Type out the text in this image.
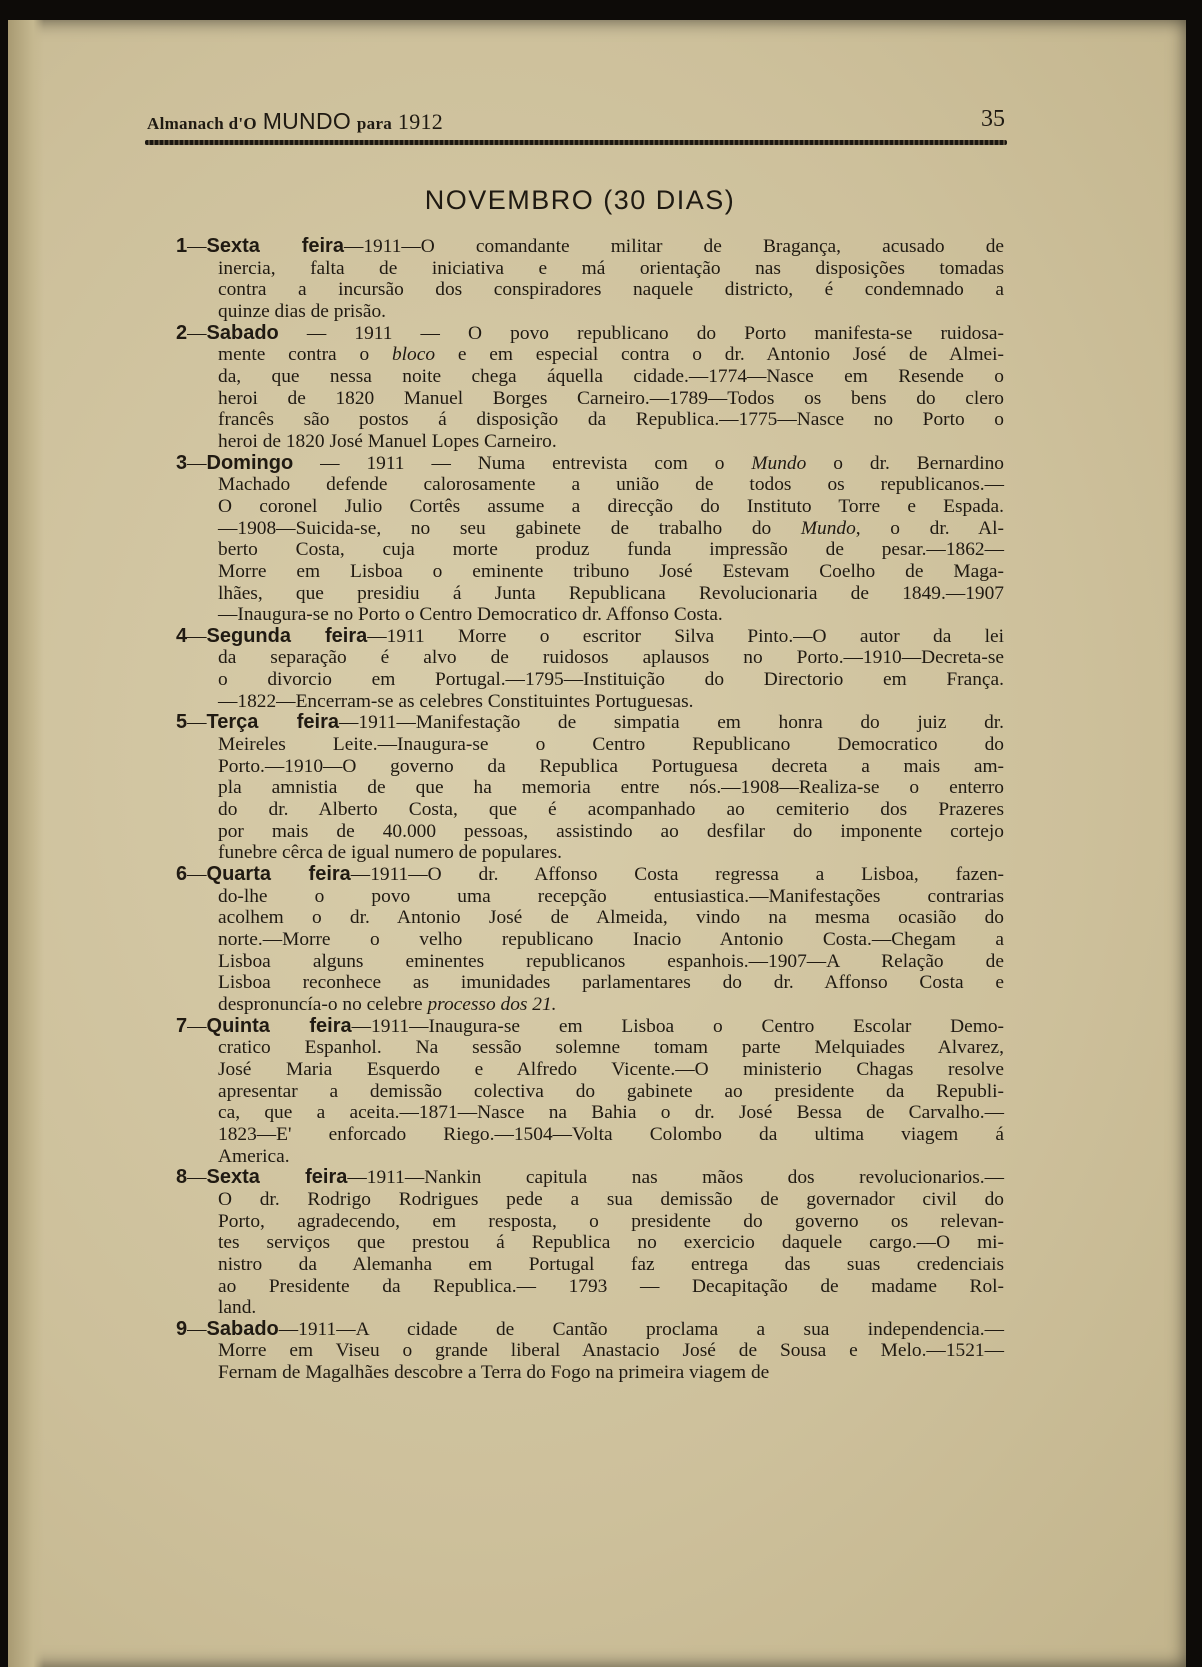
Almanach d'O MUNDO para 1912	35
NOVEMBRO (30 DIAS)
1—Sexta feira—1911—O comandante militar de Bragança, acusado de
inercia, falta de iniciativa e má orientação nas disposições tomadas
contra a incursão dos conspiradores naquele districto, é condemnado a
quinze dias de prisão.
2—Sabado — 1911 — O povo republicano do Porto manifesta-se ruidosa-
mente contra o bloco e em especial contra o dr. Antonio José de Almei-
da, que nessa noite chega áquella cidade.—1774—Nasce em Resende o
heroi de 1820 Manuel Borges Carneiro.—1789—Todos os bens do clero
francês são postos á disposição da Republica.—1775—Nasce no Porto o
heroi de 1820 José Manuel Lopes Carneiro.
3—Domingo — 1911 — Numa entrevista com o Mundo o dr. Bernardino
Machado defende calorosamente a união de todos os republicanos.—
O coronel Julio Cortês assume a direcção do Instituto Torre e Espada.
—1908—Suicida-se, no seu gabinete de trabalho do Mundo, o dr. Al-
berto Costa, cuja morte produz funda impressão de pesar.—1862—
Morre em Lisboa o eminente tribuno José Estevam Coelho de Maga-
lhães, que presidiu á Junta Republicana Revolucionaria de 1849.—1907
—Inaugura-se no Porto o Centro Democratico dr. Affonso Costa.
4—Segunda feira—1911 Morre o escritor Silva Pinto.—O autor da lei
da separação é alvo de ruidosos aplausos no Porto.—1910—Decreta-se
o divorcio em Portugal.—1795—Instituição do Directorio em França.
—1822—Encerram-se as celebres Constituintes Portuguesas.
5—Terça feira—1911—Manifestação de simpatia em honra do juiz dr.
Meireles Leite.—Inaugura-se o Centro Republicano Democratico do
Porto.—1910—O governo da Republica Portuguesa decreta a mais am-
pla amnistia de que ha memoria entre nós.—1908—Realiza-se o enterro
do dr. Alberto Costa, que é acompanhado ao cemiterio dos Prazeres
por mais de 40.000 pessoas, assistindo ao desfilar do imponente cortejo
funebre cêrca de igual numero de populares.
6—Quarta feira—1911—O dr. Affonso Costa regressa a Lisboa, fazen-
do-lhe o povo uma recepção entusiastica.—Manifestações contrarias
acolhem o dr. Antonio José de Almeida, vindo na mesma ocasião do
norte.—Morre o velho republicano Inacio Antonio Costa.—Chegam a
Lisboa alguns eminentes republicanos espanhois.—1907—A Relação de
Lisboa reconhece as imunidades parlamentares do dr. Affonso Costa e
despronuncía-o no celebre processo dos 21.
7—Quinta feira—1911—Inaugura-se em Lisboa o Centro Escolar Demo-
cratico Espanhol. Na sessão solemne tomam parte Melquiades Alvarez,
José Maria Esquerdo e Alfredo Vicente.—O ministerio Chagas resolve
apresentar a demissão colectiva do gabinete ao presidente da Republi-
ca, que a aceita.—1871—Nasce na Bahia o dr. José Bessa de Carvalho.—
1823—E' enforcado Riego.—1504—Volta Colombo da ultima viagem á
America.
8—Sexta feira—1911—Nankin capitula nas mãos dos revolucionarios.—
O dr. Rodrigo Rodrigues pede a sua demissão de governador civil do
Porto, agradecendo, em resposta, o presidente do governo os relevan-
tes serviços que prestou á Republica no exercicio daquele cargo.—O mi-
nistro da Alemanha em Portugal faz entrega das suas credenciais
ao Presidente da Republica.— 1793 — Decapitação de madame Rol-
land.
9—Sabado—1911—A cidade de Cantão proclama a sua independencia.—
Morre em Viseu o grande liberal Anastacio José de Sousa e Melo.—1521—
Fernam de Magalhães descobre a Terra do Fogo na primeira viagem de
